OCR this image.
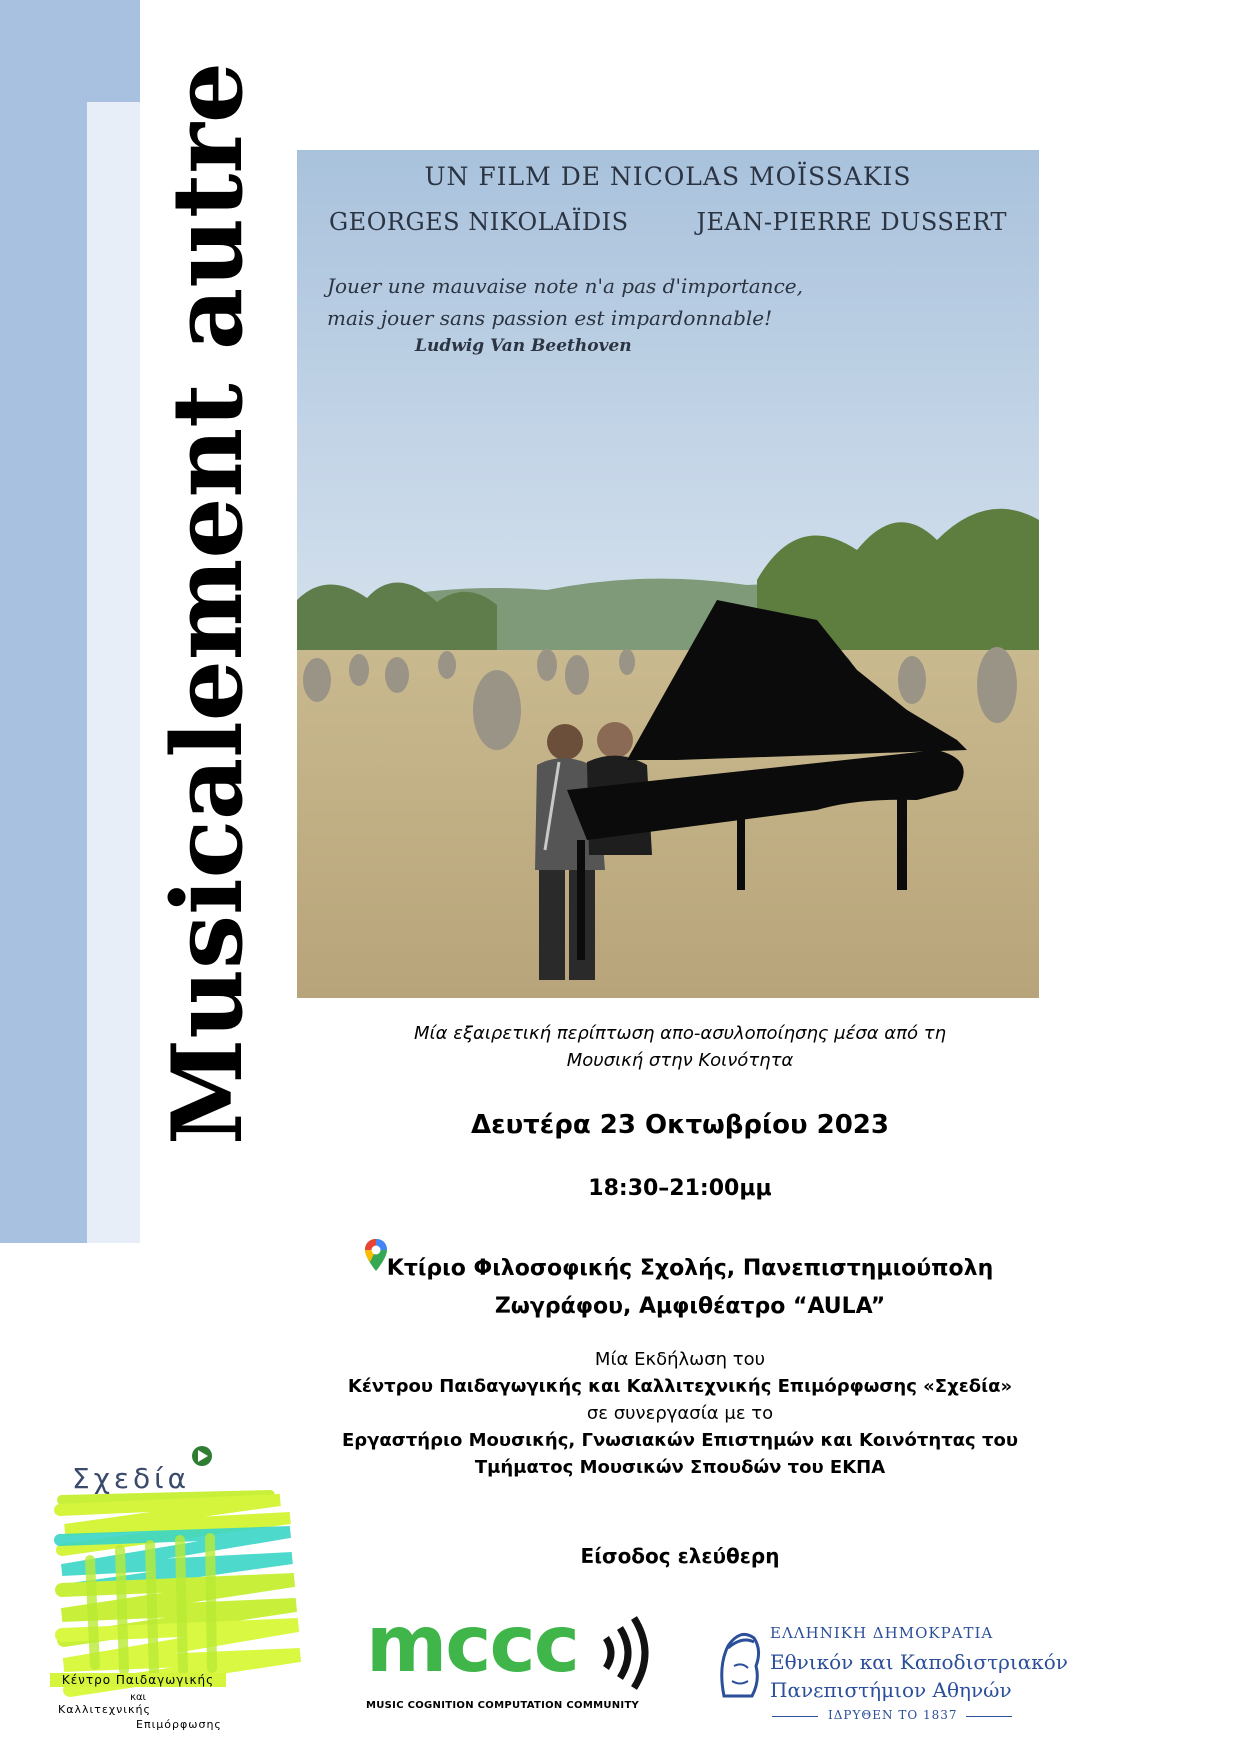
Musicalement autre	UN FILM DE NICOLAS MOÏSSAKIS
GEORGES NIKOLAÏDIS	JEAN-PIERRE DUSSERT
Jouer une mauvaise note n'a pas d'importance,
mais jouer sans passion est impardonnable!
Ludwig Van Beethoven
Μία εξαιρετική περίπτωση απο-ασυλοποίησης μέσα από τη
Μουσική στην Κοινότητα
Δευτέρα 23 Οκτωβρίου 2023
18:30–21:00μμ
Κτίριο Φιλοσοφικής Σχολής, Πανεπιστημιούπολη
Ζωγράφου, Αμφιθέατρο “AULA”
Μία Εκδήλωση του
Κέντρου Παιδαγωγικής και Καλλιτεχνικής Επιμόρφωσης «Σχεδία»
σε συνεργασία με το
Εργαστήριο Μουσικής, Γνωσιακών Επιστημών και Κοινότητας του
Τμήματος Μουσικών Σπουδών του ΕΚΠΑ
Είσοδος ελεύθερη
Σχεδία
Κέντρο Παιδαγωγικής
και
Καλλιτεχνικής
Επιμόρφωσης
mccc
MUSIC COGNITION COMPUTATION COMMUNITY
ΕΛΛΗΝΙΚΗ ΔΗΜΟΚΡΑΤΙΑ
Εθνικόν και Καποδιστριακόν
Πανεπιστήμιον Αθηνών
ΙΔΡΥΘΕΝ ΤΟ 1837
